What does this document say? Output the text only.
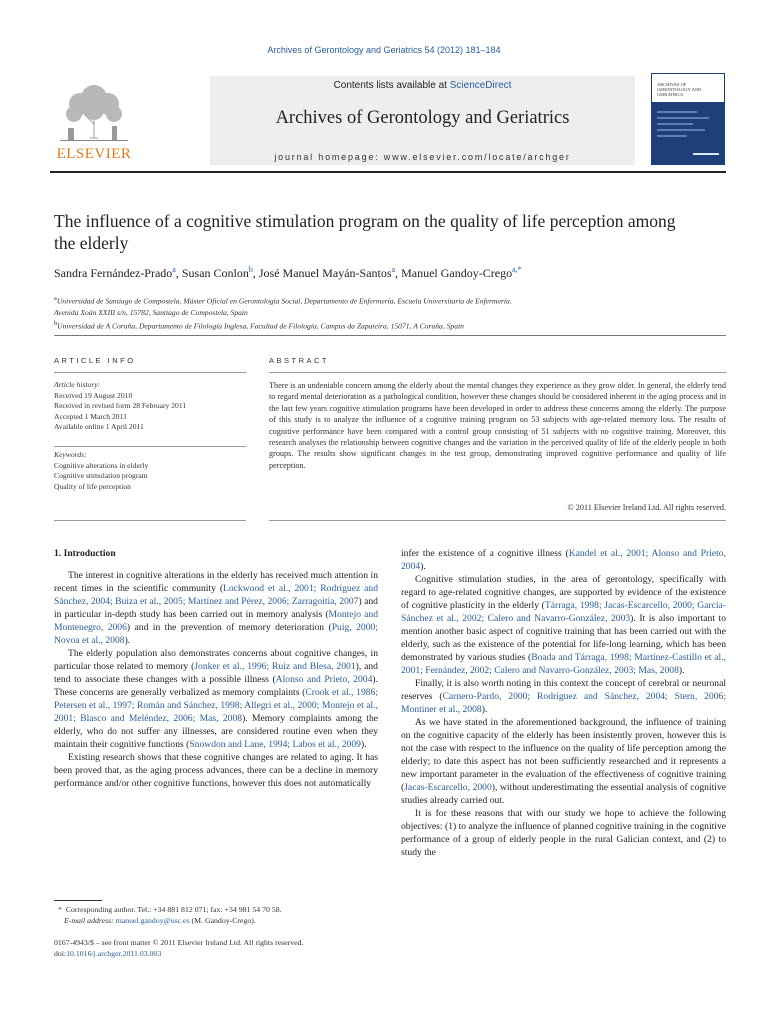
Archives of Gerontology and Geriatrics 54 (2012) 181–184
Contents lists available at ScienceDirect
Archives of Gerontology and Geriatrics
journal homepage: www.elsevier.com/locate/archger
ELSEVIER
ARCHIVES OF GERONTOLOGY AND GERIATRICS
The influence of a cognitive stimulation program on the quality of life perception among the elderly
Sandra Fernández-Prado$^a$, Susan Conlon$^b$, José Manuel Mayán-Santos$^a$, Manuel Gandoy-Crego$^{a,*}$
$^a$Universidad de Santiago de Compostela, Máster Oficial en Gerontología Social, Departamento de Enfermería, Escuela Universitaria de Enfermería,
Avenida Xoán XXIII s/n, 15782, Santiago de Compostela, Spain
$^b$Universidad de A Coruña, Departamento de Filología Inglesa, Facultad de Filología, Campus da Zapateira, 15071, A Coruña, Spain
ARTICLE INFO	ABSTRACT
Article history:
Received 19 August 2010
Received in revised form 28 February 2011
Accepted 1 March 2011
Available online 1 April 2011
Keywords:
Cognitive alterations in elderly
Cognitive stimulation program
Quality of life perception
There is an undeniable concern among the elderly about the mental changes they experience as they grow older. In general, the elderly tend to regard mental deterioration as a pathological condition, however these changes should be considered inherent in the aging process and in the last few years cognitive stimulation programs have been developed in order to address these concerns among the elderly. The purpose of this study is to analyze the influence of a cognitive training program on 53 subjects with age-related memory loss. The results of cognitive performance have been compared with a control group consisting of 51 subjects with no cognitive training. Moreover, this research analyses the relationship between cognitive changes and the variation in the perceived quality of life of the elderly people in both groups. The results show significant changes in the test group, demonstrating improved cognitive performance and quality of life perception.
© 2011 Elsevier Ireland Ltd. All rights reserved.

1. Introduction

The interest in cognitive alterations in the elderly has received much attention in recent times in the scientific community (Lockwood et al., 2001; Rodríguez and Sánchez, 2004; Buiza et al., 2005; Martínez and Pérez, 2006; Zarragoitía, 2007) and in particular in-depth study has been carried out in memory analysis (Montejo and Montenegro, 2006) and in the prevention of memory deterioration (Puig, 2000; Novoa et al., 2008).

The elderly population also demonstrates concerns about cognitive changes, in particular those related to memory (Jonker et al., 1996; Ruiz and Blesa, 2001), and tend to associate these changes with a possible illness (Alonso and Prieto, 2004). These concerns are generally verbalized as memory complaints (Crook et al., 1986; Petersen et al., 1997; Román and Sánchez, 1998; Allegri et al., 2000; Montejo et al., 2001; Blasco and Meléndez, 2006; Mas, 2008). Memory complaints among the elderly, who do not suffer any illnesses, are considered routine even when they maintain their cognitive functions (Snowdon and Lane, 1994; Labos et al., 2009).

Existing research shows that these cognitive changes are related to aging. It has been proved that, as the aging process advances, there can be a decline in memory performance and/or other cognitive functions, however this does not automatically

infer the existence of a cognitive illness (Kandel et al., 2001; Alonso and Prieto, 2004).

Cognitive stimulation studies, in the area of gerontology, specifically with regard to age-related cognitive changes, are supported by evidence of the existence of cognitive plasticity in the elderly (Tárraga, 1998; Jacas-Escarcello, 2000; García-Sánchez et al., 2002; Calero and Navarro-González, 2003). It is also important to mention another basic aspect of cognitive training that has been carried out with the elderly, such as the existence of the potential for life-long learning, which has been demonstrated by various studies (Boada and Tárraga, 1998; Martínez-Castillo et al., 2001; Fernández, 2002; Calero and Navarro-González, 2003; Mas, 2008).

Finally, it is also worth noting in this context the concept of cerebral or neuronal reserves (Carnero-Pardo, 2000; Rodríguez and Sánchez, 2004; Stern, 2006; Montiner et al., 2008).

As we have stated in the aforementioned background, the influence of training on the cognitive capacity of the elderly has been insistently proven, however this is not the case with respect to the influence on the quality of life perception among the elderly; to date this aspect has not been sufficiently researched and it represents a new important parameter in the evaluation of the effectiveness of cognitive training (Jacas-Escarcello, 2000), without underestimating the essential analysis of cognitive studies already carried out.

It is for these reasons that with our study we hope to achieve the following objectives: (1) to analyze the influence of planned cognitive training in the cognitive performance of a group of elderly people in the rural Galician context, and (2) to study the

* Corresponding author. Tel.: +34 881 812 071; fax: +34 981 54 70 58.
E-mail address: manuel.gandoy@usc.es (M. Gandoy-Crego).
0167-4943/$ – see front matter © 2011 Elsevier Ireland Ltd. All rights reserved.
doi:10.1016/j.archger.2011.03.003
